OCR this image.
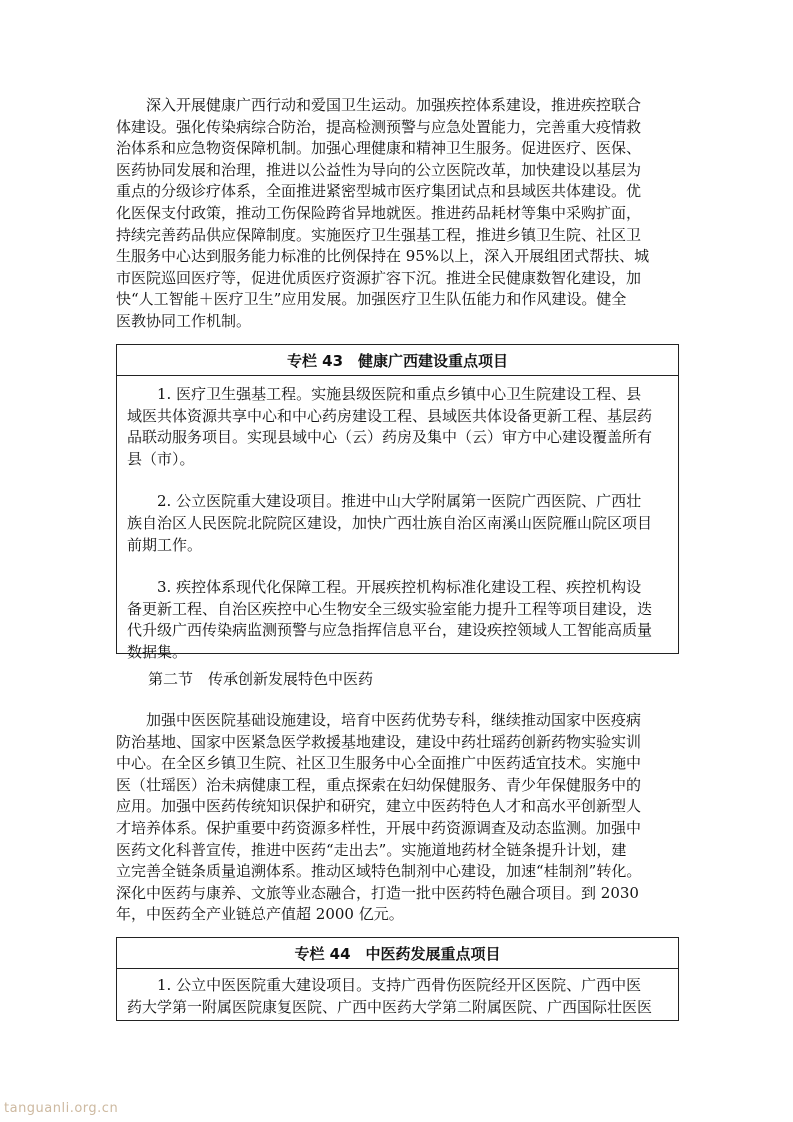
　　深入开展健康广西行动和爱国卫生运动。加强疾控体系建设，推进疾控联合
体建设。强化传染病综合防治，提高检测预警与应急处置能力，完善重大疫情救
治体系和应急物资保障机制。加强心理健康和精神卫生服务。促进医疗、医保、
医药协同发展和治理，推进以公益性为导向的公立医院改革，加快建设以基层为
重点的分级诊疗体系，全面推进紧密型城市医疗集团试点和县域医共体建设。优
化医保支付政策，推动工伤保险跨省异地就医。推进药品耗材等集中采购扩面，
持续完善药品供应保障制度。实施医疗卫生强基工程，推进乡镇卫生院、社区卫
生服务中心达到服务能力标准的比例保持在 95%以上，深入开展组团式帮扶、城
市医院巡回医疗等，促进优质医疗资源扩容下沉。推进全民健康数智化建设，加
快“人工智能＋医疗卫生”应用发展。加强医疗卫生队伍能力和作风建设。健全
医教协同工作机制。
专栏 43　健康广西建设重点项目
　　1. 医疗卫生强基工程。实施县级医院和重点乡镇中心卫生院建设工程、县
域医共体资源共享中心和中心药房建设工程、县域医共体设备更新工程、基层药
品联动服务项目。实现县域中心（云）药房及集中（云）审方中心建设覆盖所有
县（市）。
　　2. 公立医院重大建设项目。推进中山大学附属第一医院广西医院、广西壮
族自治区人民医院北院院区建设，加快广西壮族自治区南溪山医院雁山院区项目
前期工作。
　　3. 疾控体系现代化保障工程。开展疾控机构标准化建设工程、疾控机构设
备更新工程、自治区疾控中心生物安全三级实验室能力提升工程等项目建设，迭
代升级广西传染病监测预警与应急指挥信息平台，建设疾控领域人工智能高质量
数据集。

第二节　传承创新发展特色中医药

　　加强中医医院基础设施建设，培育中医药优势专科，继续推动国家中医疫病
防治基地、国家中医紧急医学救援基地建设，建设中药壮瑶药创新药物实验实训
中心。在全区乡镇卫生院、社区卫生服务中心全面推广中医药适宜技术。实施中
医（壮瑶医）治未病健康工程，重点探索在妇幼保健服务、青少年保健服务中的
应用。加强中医药传统知识保护和研究，建立中医药特色人才和高水平创新型人
才培养体系。保护重要中药资源多样性，开展中药资源调查及动态监测。加强中
医药文化科普宣传，推进中医药“走出去”。实施道地药材全链条提升计划，建
立完善全链条质量追溯体系。推动区域特色制剂中心建设，加速“桂制剂”转化。
深化中医药与康养、文旅等业态融合，打造一批中医药特色融合项目。到 2030
年，中医药全产业链总产值超 2000 亿元。
专栏 44　中医药发展重点项目
　　1. 公立中医医院重大建设项目。支持广西骨伤医院经开区医院、广西中医
药大学第一附属医院康复医院、广西中医药大学第二附属医院、广西国际壮医医
tanguanli.org.cn
